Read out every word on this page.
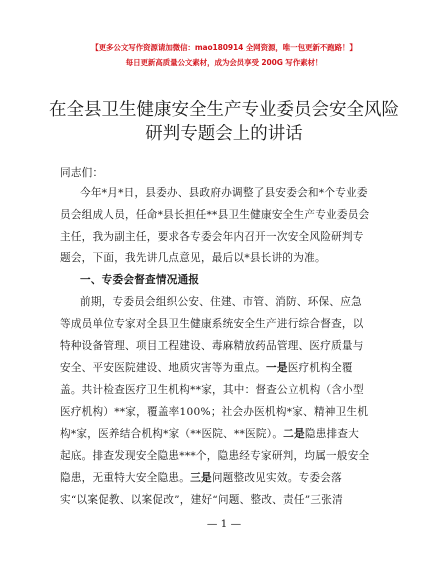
【更多公文写作资源请加微信：mao180914 全网资源，唯一包更新不跑路！】
每日更新高质量公文素材，成为会员享受 200G 写作素材！
在全县卫生健康安全生产专业委员会安全风险
研判专题会上的讲话
同志们：
今年*月*日，县委办、县政府办调整了县安委会和*个专业委
员会组成人员，任命*县长担任**县卫生健康安全生产专业委员会
主任，我为副主任，要求各专委会年内召开一次安全风险研判专
题会，下面，我先讲几点意见，最后以*县长讲的为准。
一、专委会督查情况通报
前期，专委员会组织公安、住建、市管、消防、环保、应急
等成员单位专家对全县卫生健康系统安全生产进行综合督查，以
特种设备管理、项目工程建设、毒麻精放药品管理、医疗质量与
安全、平安医院建设、地质灾害等为重点。一是医疗机构全覆
盖。共计检查医疗卫生机构**家，其中：督查公立机构（含小型
医疗机构）**家，覆盖率100%；社会办医机构*家、精神卫生机
构*家，医养结合机构*家（**医院、**医院）。二是隐患排查大
起底。排查发现安全隐患***个，隐患经专家研判，均属一般安全
隐患，无重特大安全隐患。三是问题整改见实效。专委会落
实“以案促教、以案促改”，建好“问题、整改、责任”三张清
— 1 —
